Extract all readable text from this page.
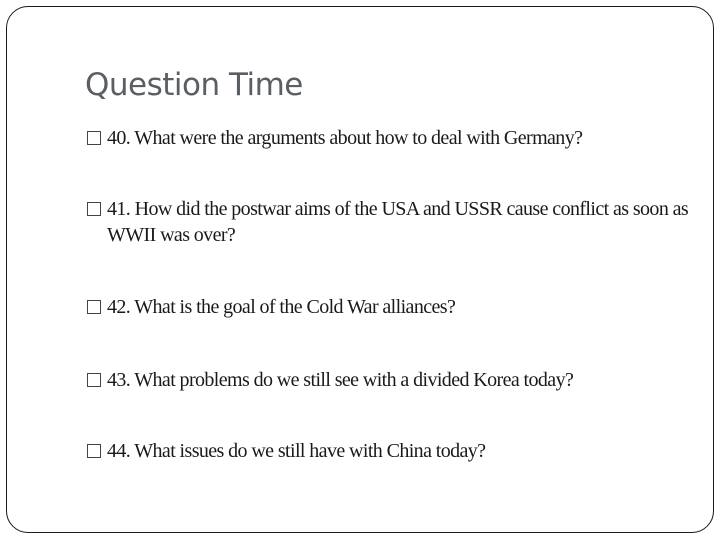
Question Time
40. What were the arguments about how to deal with Germany?
41. How did the postwar aims of the USA and USSR cause conflict as soon as WWII was over?
42. What is the goal of the Cold War alliances?
43. What problems do we still see with a divided Korea today?
44. What issues do we still have with China today?
